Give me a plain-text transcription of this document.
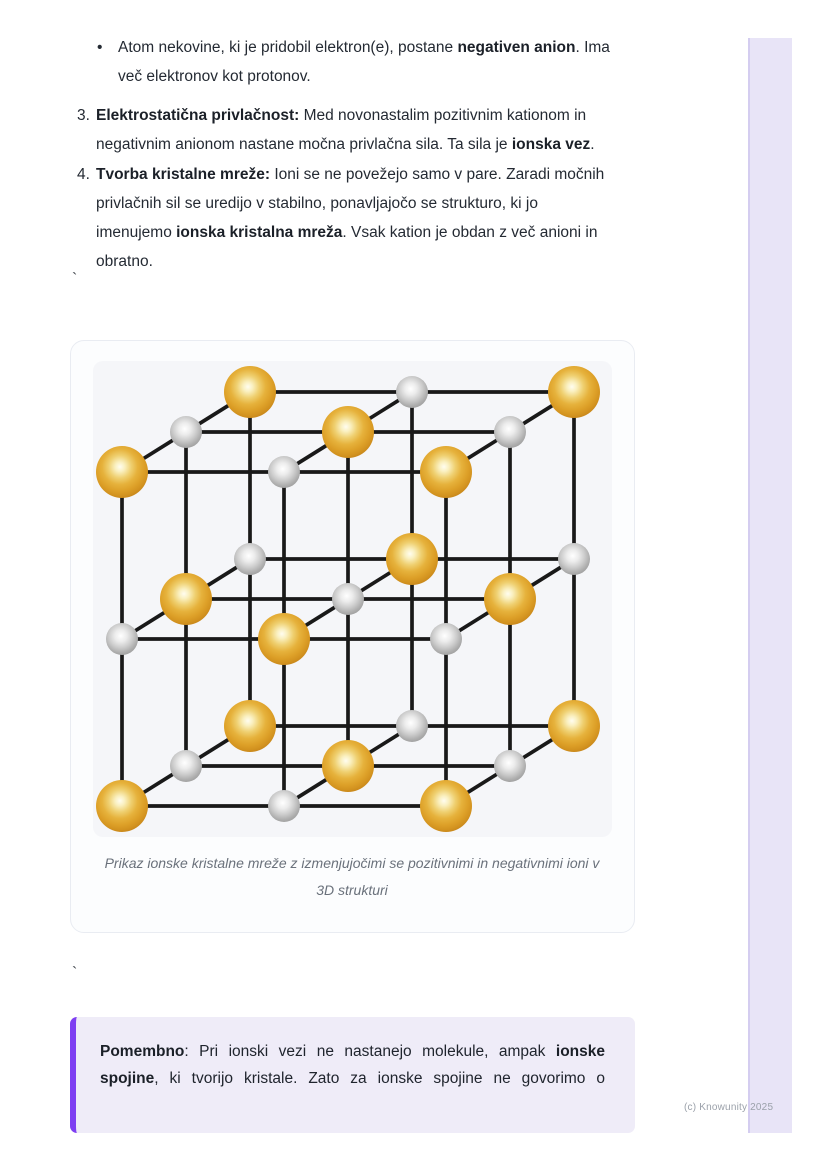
•	Atom nekovine, ki je pridobil elektron(e), postane negativen anion. Ima
več elektronov kot protonov.
3. Elektrostatična privlačnost: Med novonastalim pozitivnim kationom in
negativnim anionom nastane močna privlačna sila. Ta sila je ionska vez.
4. Tvorba kristalne mreže: Ioni se ne povežejo samo v pare. Zaradi močnih
privlačnih sil se uredijo v stabilno, ponavljajočo se strukturo, ki jo
imenujemo ionska kristalna mreža. Vsak kation je obdan z več anioni in
obratno.
`
`
Prikaz ionske kristalne mreže z izmenjujočimi se pozitivnimi in negativnimi ioni v 3D strukturi
Pomembno: Pri ionski vezi ne nastanejo molekule, ampak ionske
spojine, ki tvorijo kristale. Zato za ionske spojine ne govorimo o
(c) Knowunity 2025
